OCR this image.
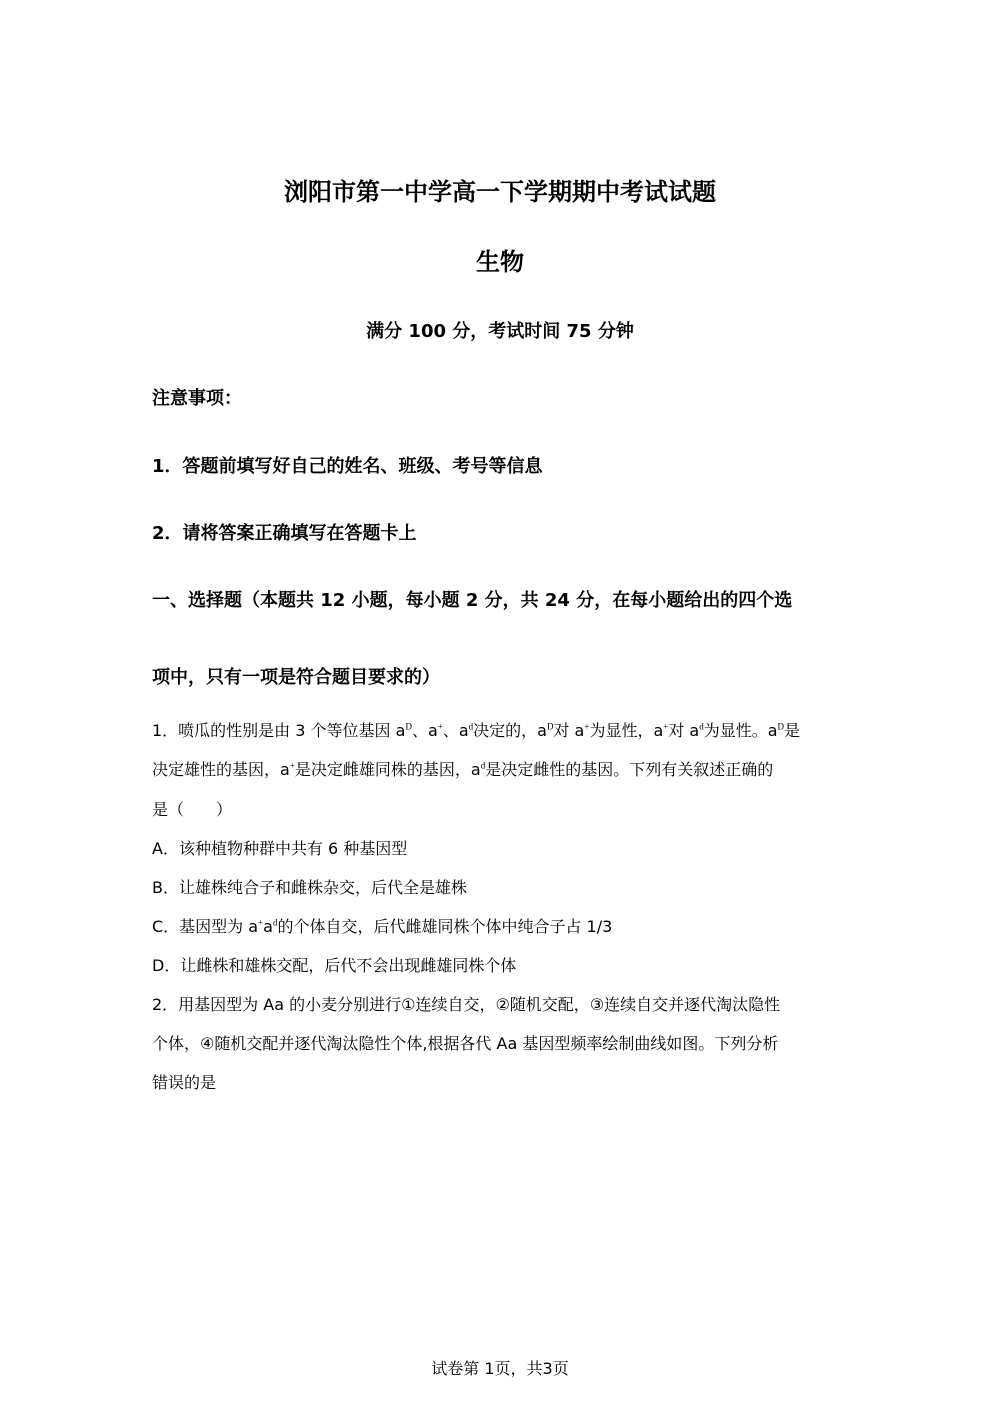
浏阳市第一中学高一下学期期中考试试题
生物
满分 100 分，考试时间 75 分钟
注意事项：
1．答题前填写好自己的姓名、班级、考号等信息
2．请将答案正确填写在答题卡上
一、选择题（本题共 12 小题，每小题 2 分，共 24 分，在每小题给出的四个选
项中，只有一项是符合题目要求的）
1．喷瓜的性别是由 3 个等位基因 $a^D$、a+、$a^d$决定的，$a^D$对 a+为显性，a+对 $a^d$为显性。$a^D$是
决定雄性的基因，a+是决定雌雄同株的基因，$a^d$是决定雌性的基因。下列有关叙述正确的
是（　　）
A．该种植物种群中共有 6 种基因型
B．让雄株纯合子和雌株杂交，后代全是雄株
C．基因型为 $a^+a^d$的个体自交，后代雌雄同株个体中纯合子占 1/3
D．让雌株和雄株交配，后代不会出现雌雄同株个体
2．用基因型为 Aa 的小麦分别进行①连续自交，②随机交配，③连续自交并逐代淘汰隐性
个体，④随机交配并逐代淘汰隐性个体,根据各代 Aa 基因型频率绘制曲线如图。下列分析
错误的是
试卷第 1页，共3页
